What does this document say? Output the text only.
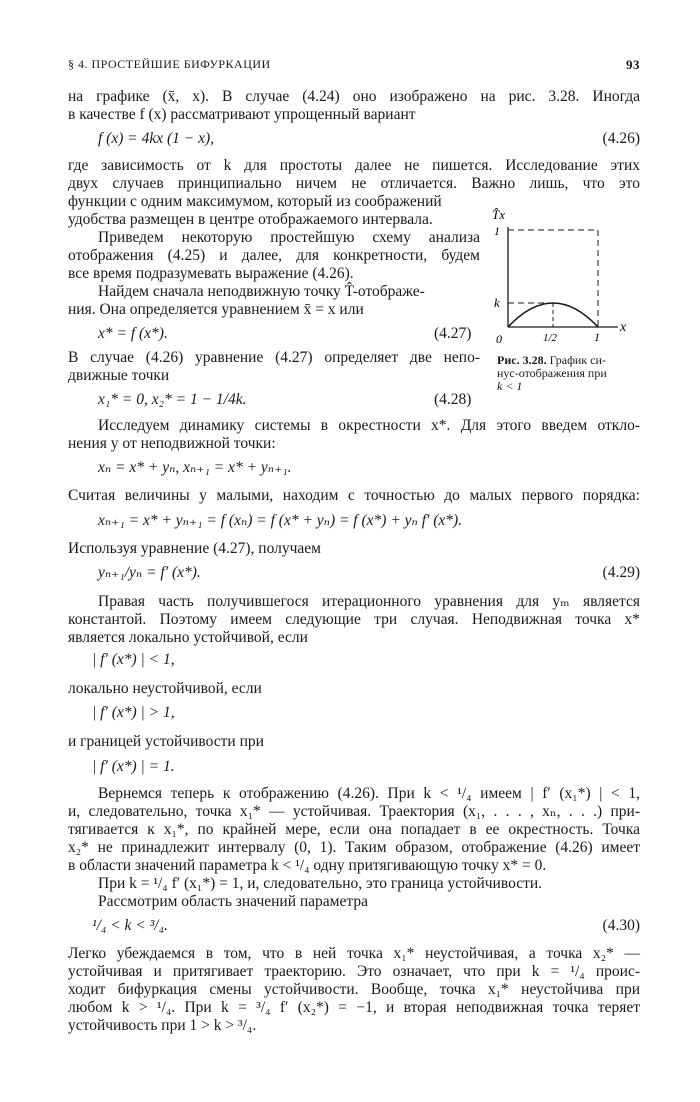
§ 4. ПРОСТЕЙШИЕ БИФУРКАЦИИ	93
на графике (x̄, x). В случае (4.24) оно изображено на рис. 3.28. Иногда
в качестве f (x) рассматривают упрощенный вариант
f (x) = 4kx (1 − x),	(4.26)
где зависимость от k для простоты далее не пишется. Исследование этих
двух случаев принципиально ничем не отличается. Важно лишь, что это
функции с одним максимумом, который из соображений
удобства размещен в центре отображаемого интервала.
Приведем некоторую простейшую схему анализа
отображения (4.25) и далее, для конкретности, будем
все время подразумевать выражение (4.26).
Найдем сначала неподвижную точку T̂-отображе-
ния. Она определяется уравнением x̄ = x или
x* = f (x*).	(4.27)
В случае (4.26) уравнение (4.27) определяет две непо-
движные точки
x₁* = 0, x₂* = 1 − 1/4k.	(4.28)
T̂x
1
k
0	1/2	1
x
Рис. 3.28. График си-
нус-отображения при
k < 1
Исследуем динамику системы в окрестности x*. Для этого введем откло-
нения y от неподвижной точки:
xₙ = x* + yₙ, xₙ₊₁ = x* + yₙ₊₁.
Считая величины y малыми, находим с точностью до малых первого порядка:
xₙ₊₁ = x* + yₙ₊₁ = f (xₙ) = f (x* + yₙ) = f (x*) + yₙ f′ (x*).
Используя уравнение (4.27), получаем
yₙ₊₁/yₙ = f′ (x*).	(4.29)
Правая часть получившегося итерационного уравнения для yₘ является
константой. Поэтому имеем следующие три случая. Неподвижная точка x*
является локально устойчивой, если
| f′ (x*) | < 1,
локально неустойчивой, если
| f′ (x*) | > 1,
и границей устойчивости при
| f′ (x*) | = 1.
Вернемся теперь к отображению (4.26). При k < ¹/₄ имеем | f′ (x₁*) | < 1,
и, следовательно, точка x₁* — устойчивая. Траектория (x₁, . . . , xₙ, . . .) при-
тягивается к x₁*, по крайней мере, если она попадает в ее окрестность. Точка
x₂* не принадлежит интервалу (0, 1). Таким образом, отображение (4.26) имеет
в области значений параметра k < ¹/₄ одну притягивающую точку x* = 0.
При k = ¹/₄ f′ (x₁*) = 1, и, следовательно, это граница устойчивости.
Рассмотрим область значений параметра
¹/₄ < k < ³/₄.	(4.30)
Легко убеждаемся в том, что в ней точка x₁* неустойчивая, а точка x₂* —
устойчивая и притягивает траекторию. Это означает, что при k = ¹/₄ проис-
ходит бифуркация смены устойчивости. Вообще, точка x₁* неустойчива при
любом k > ¹/₄. При k = ³/₄ f′ (x₂*) = −1, и вторая неподвижная точка теряет
устойчивость при 1 > k > ³/₄.
